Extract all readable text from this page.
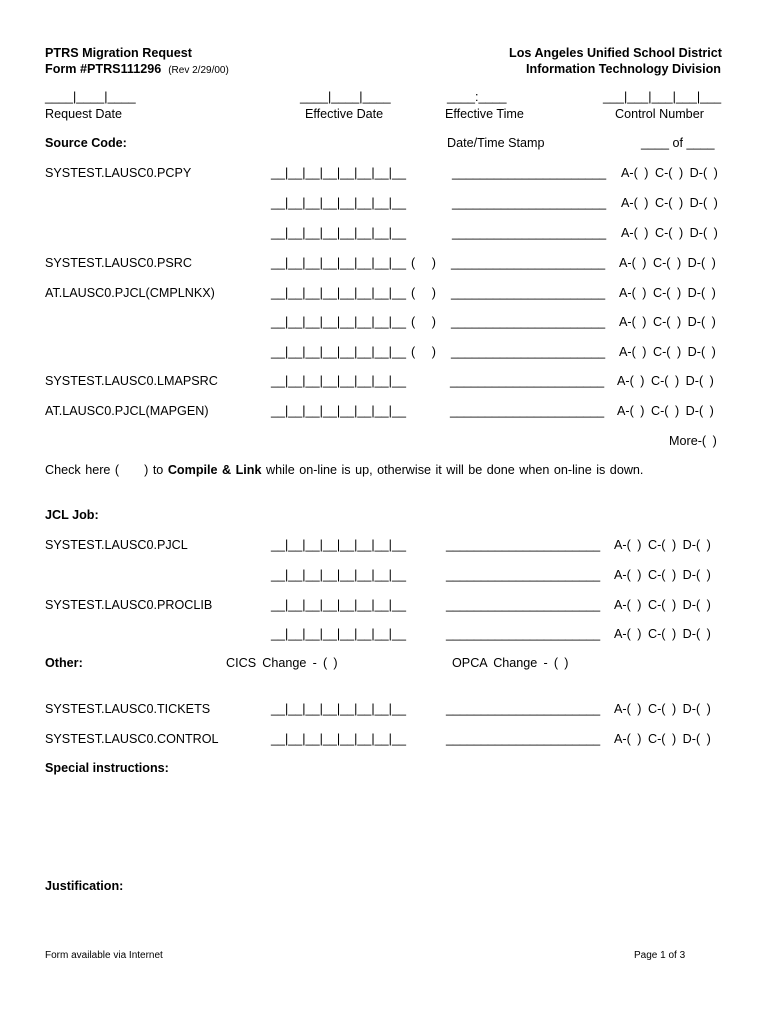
PTRS Migration Request
Form #PTRS111296 (Rev 2/29/00)
Los Angeles Unified School District
Information Technology Division
____|____|____
Request Date
____|____|____
Effective Date
____:____
Effective Time
___|___|___|___|___
Control Number
Source Code:	Date/Time Stamp	____ of ____
SYSTEST.LAUSC0.PCPY	__|__|__|__|__|__|__|__	______________________ A-( ) C-( ) D-( )
__|__|__|__|__|__|__|__	______________________ A-( ) C-( ) D-( )
__|__|__|__|__|__|__|__	______________________ A-( ) C-( ) D-( )
SYSTEST.LAUSC0.PSRC	__|__|__|__|__|__|__|__ ( ) ______________________ A-( ) C-( ) D-( )
AT.LAUSC0.PJCL(CMPLNKX)	__|__|__|__|__|__|__|__ ( ) ______________________ A-( ) C-( ) D-( )
__|__|__|__|__|__|__|__ ( ) ______________________ A-( ) C-( ) D-( )
__|__|__|__|__|__|__|__ ( ) ______________________ A-( ) C-( ) D-( )
SYSTEST.LAUSC0.LMAPSRC	__|__|__|__|__|__|__|__	______________________ A-( ) C-( ) D-( )
AT.LAUSC0.PJCL(MAPGEN)	__|__|__|__|__|__|__|__	______________________ A-( ) C-( ) D-( )
More-( )
Check here ( ) to Compile & Link while on-line is up, otherwise it will be done when on-line is down.
JCL Job:
SYSTEST.LAUSC0.PJCL	__|__|__|__|__|__|__|__	______________________ A-( ) C-( ) D-( )
__|__|__|__|__|__|__|__	______________________ A-( ) C-( ) D-( )
SYSTEST.LAUSC0.PROCLIB	__|__|__|__|__|__|__|__	______________________ A-( ) C-( ) D-( )
__|__|__|__|__|__|__|__	______________________ A-( ) C-( ) D-( )
Other:	CICS Change - ( )	OPCA Change - ( )
SYSTEST.LAUSC0.TICKETS	__|__|__|__|__|__|__|__	______________________ A-( ) C-( ) D-( )
SYSTEST.LAUSC0.CONTROL	__|__|__|__|__|__|__|__	______________________ A-( ) C-( ) D-( )
Special instructions:
Justification:
Form available via Internet	Page 1 of 3
